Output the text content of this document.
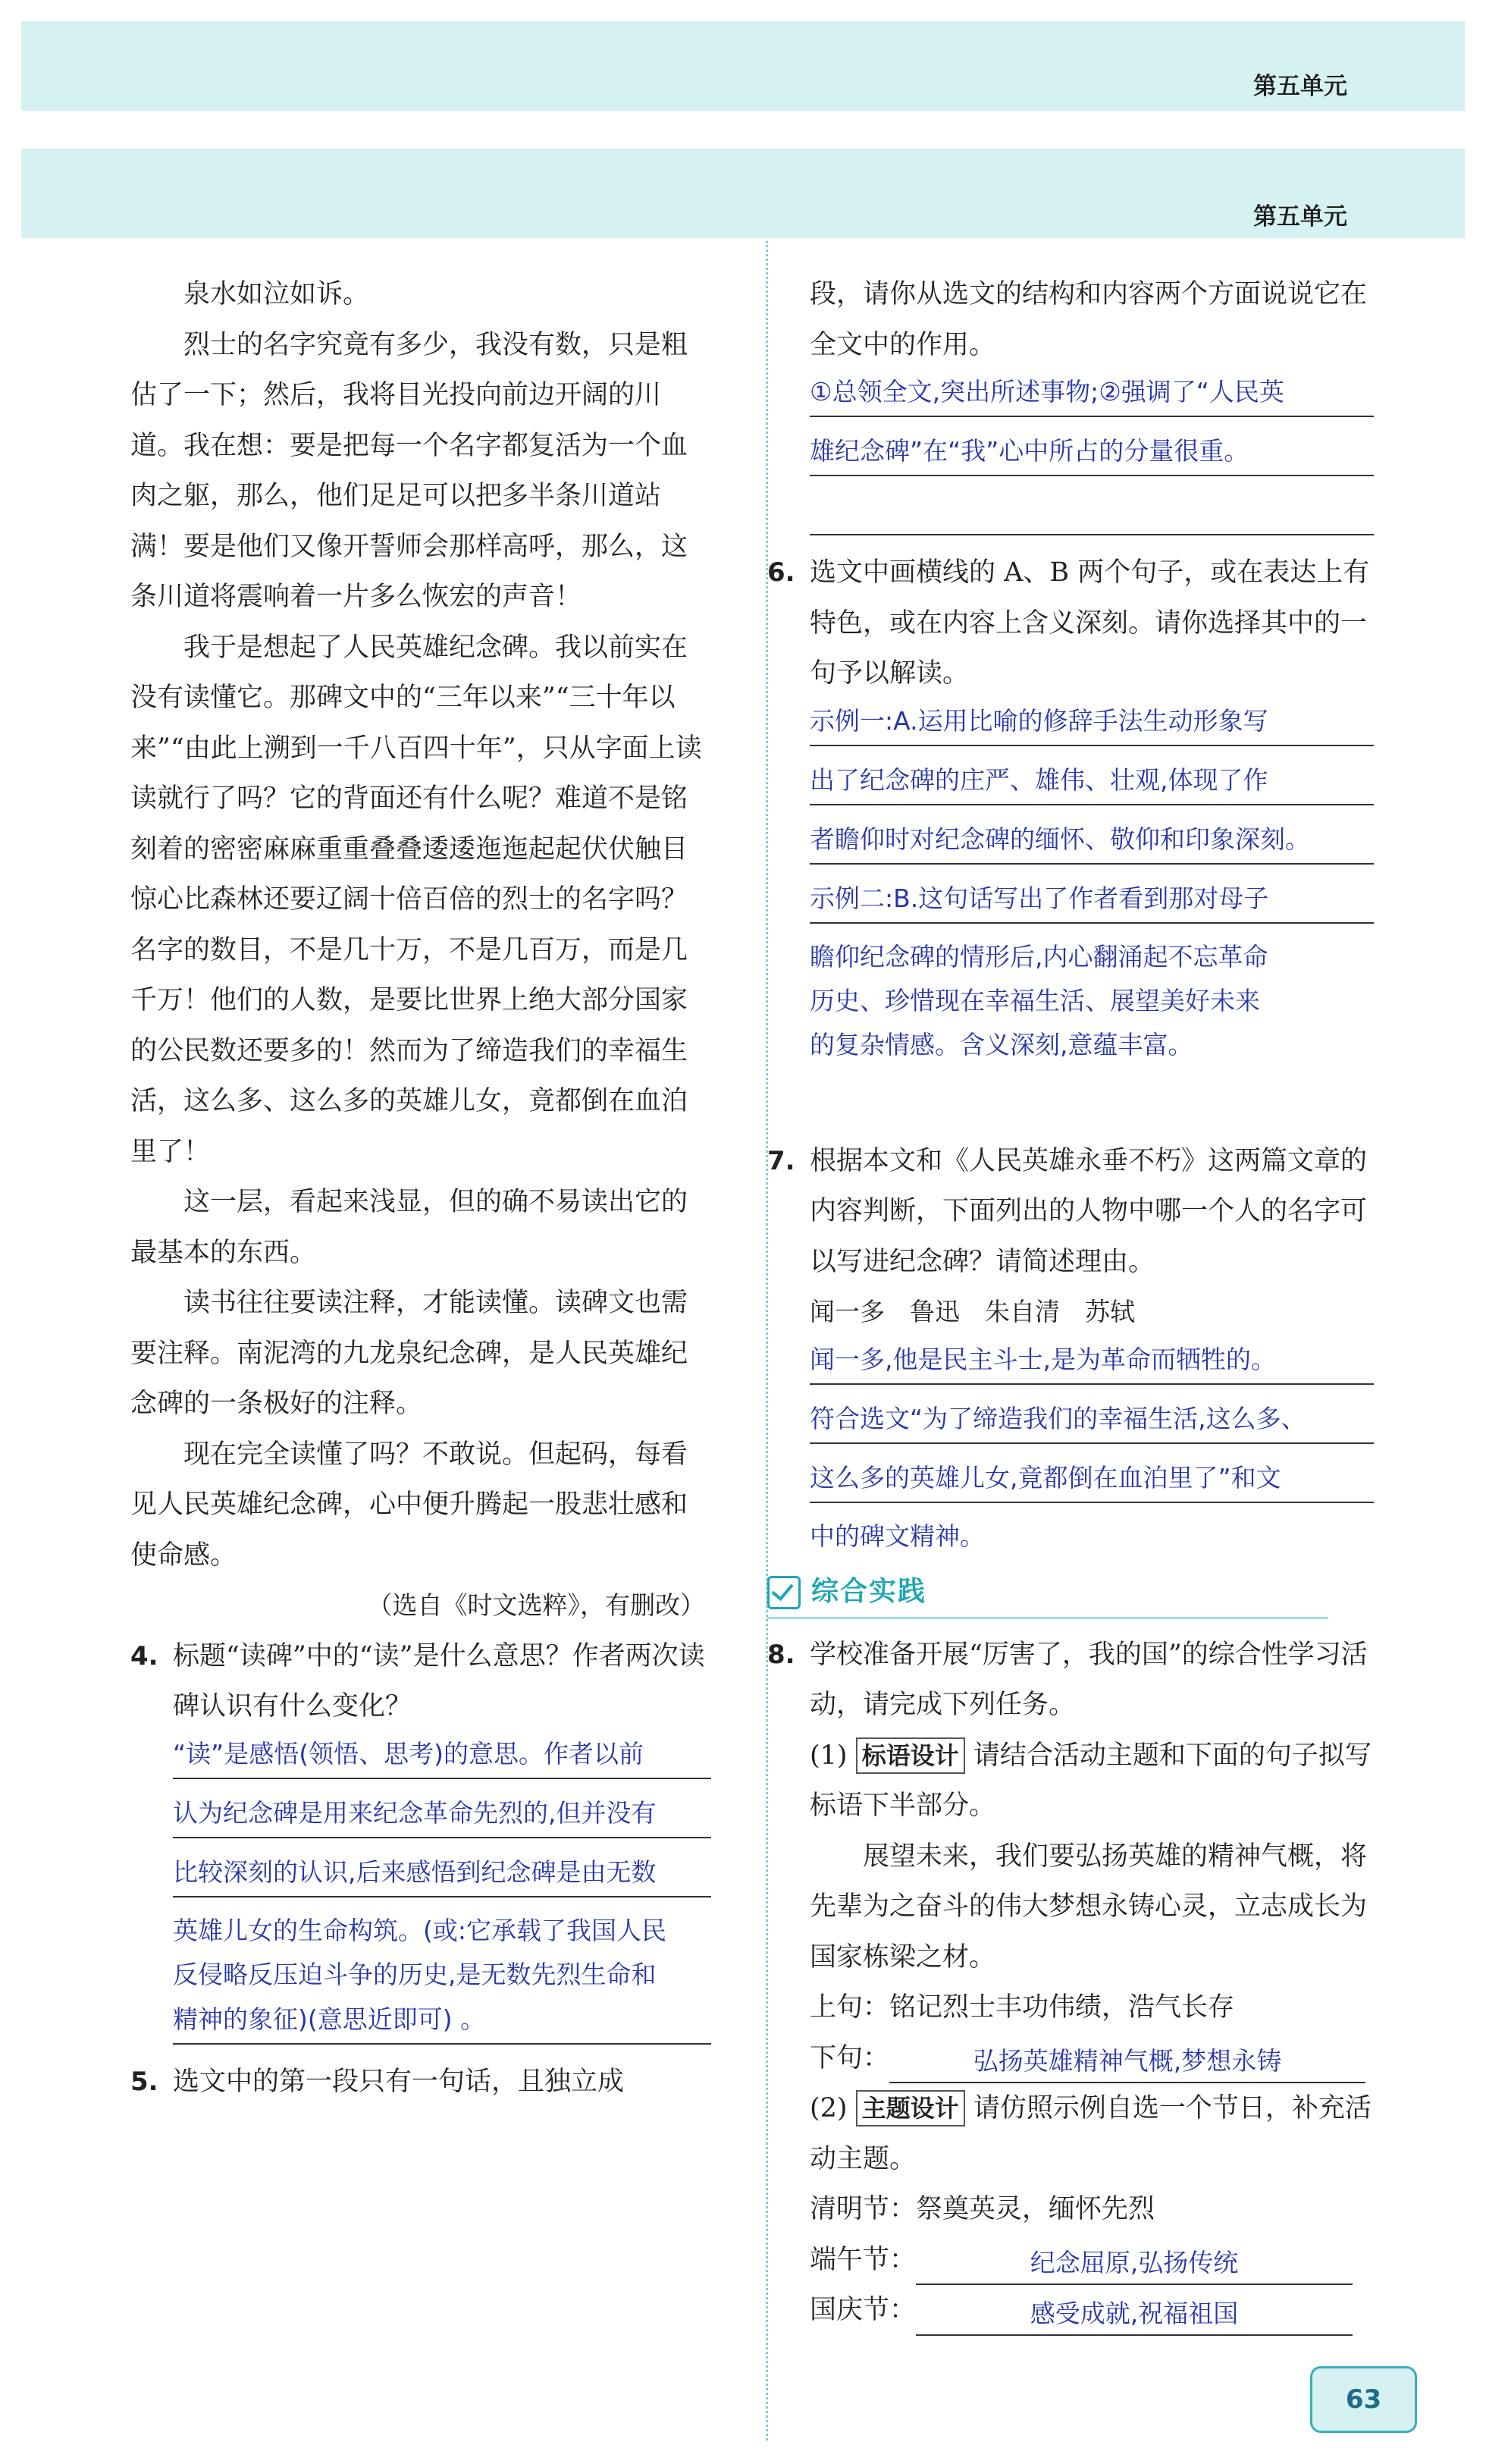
第五单元
第五单元

泉水如泣如诉。

烈士的名字究竟有多少，我没有数，只是粗估了一下；然后，我将目光投向前边开阔的川道。我在想：要是把每一个名字都复活为一个血肉之躯，那么，他们足足可以把多半条川道站满！要是他们又像开誓师会那样高呼，那么，这条川道将震响着一片多么恢宏的声音！

我于是想起了人民英雄纪念碑。我以前实在没有读懂它。那碑文中的“三年以来”“三十年以来”“由此上溯到一千八百四十年”，只从字面上读读就行了吗？它的背面还有什么呢？难道不是铭刻着的密密麻麻重重叠叠逶逶迤迤起起伏伏触目惊心比森林还要辽阔十倍百倍的烈士的名字吗？名字的数目，不是几十万，不是几百万，而是几千万！他们的人数，是要比世界上绝大部分国家的公民数还要多的！然而为了缔造我们的幸福生活，这么多、这么多的英雄儿女，竟都倒在血泊里了！

这一层，看起来浅显，但的确不易读出它的最基本的东西。

读书往往要读注释，才能读懂。读碑文也需要注释。南泥湾的九龙泉纪念碑，是人民英雄纪念碑的一条极好的注释。

现在完全读懂了吗？不敢说。但起码，每看见人民英雄纪念碑，心中便升腾起一股悲壮感和使命感。

（选自《时文选粹》，有删改）

4. 标题“读碑”中的“读”是什么意思？作者两次读碑认识有什么变化？

“读”是感悟(领悟、思考)的意思。作者以前
认为纪念碑是用来纪念革命先烈的,但并没有
比较深刻的认识,后来感悟到纪念碑是由无数
英雄儿女的生命构筑。(或:它承载了我国人民
反侵略反压迫斗争的历史,是无数先烈生命和
精神的象征)(意思近即可) 。
5. 选文中的第一段只有一句话，且独立成

段，请你从选文的结构和内容两个方面说说它在全文中的作用。

①总领全文,突出所述事物;②强调了“人民英
雄纪念碑”在“我”心中所占的分量很重。
6. 选文中画横线的 A、B 两个句子，或在表达上有特色，或在内容上含义深刻。请你选择其中的一句予以解读。

示例一:A.运用比喻的修辞手法生动形象写
出了纪念碑的庄严、雄伟、壮观,体现了作
者瞻仰时对纪念碑的缅怀、敬仰和印象深刻。
示例二:B.这句话写出了作者看到那对母子
瞻仰纪念碑的情形后,内心翻涌起不忘革命
历史、珍惜现在幸福生活、展望美好未来
的复杂情感。含义深刻,意蕴丰富。
7. 根据本文和《人民英雄永垂不朽》这两篇文章的内容判断，下面列出的人物中哪一个人的名字可以写进纪念碑？请简述理由。

闻一多　鲁迅　朱自清　苏轼

闻一多,他是民主斗士,是为革命而牺牲的。
符合选文“为了缔造我们的幸福生活,这么多、
这么多的英雄儿女,竟都倒在血泊里了”和文
中的碑文精神。
综合实践
8. 学校准备开展“厉害了，我的国”的综合性学习活动，请完成下列任务。

(1) 标语设计 请结合活动主题和下面的句子拟写标语下半部分。

展望未来，我们要弘扬英雄的精神气概，将先辈为之奋斗的伟大梦想永铸心灵，立志成长为国家栋梁之材。

上句：铭记烈士丰功伟绩，浩气长存

下句：	弘扬英雄精神气概,梦想永铸

(2) 主题设计 请仿照示例自选一个节日，补充活动主题。

清明节：祭奠英灵，缅怀先烈

端午节：	纪念屈原,弘扬传统

国庆节：	感受成就,祝福祖国

63
